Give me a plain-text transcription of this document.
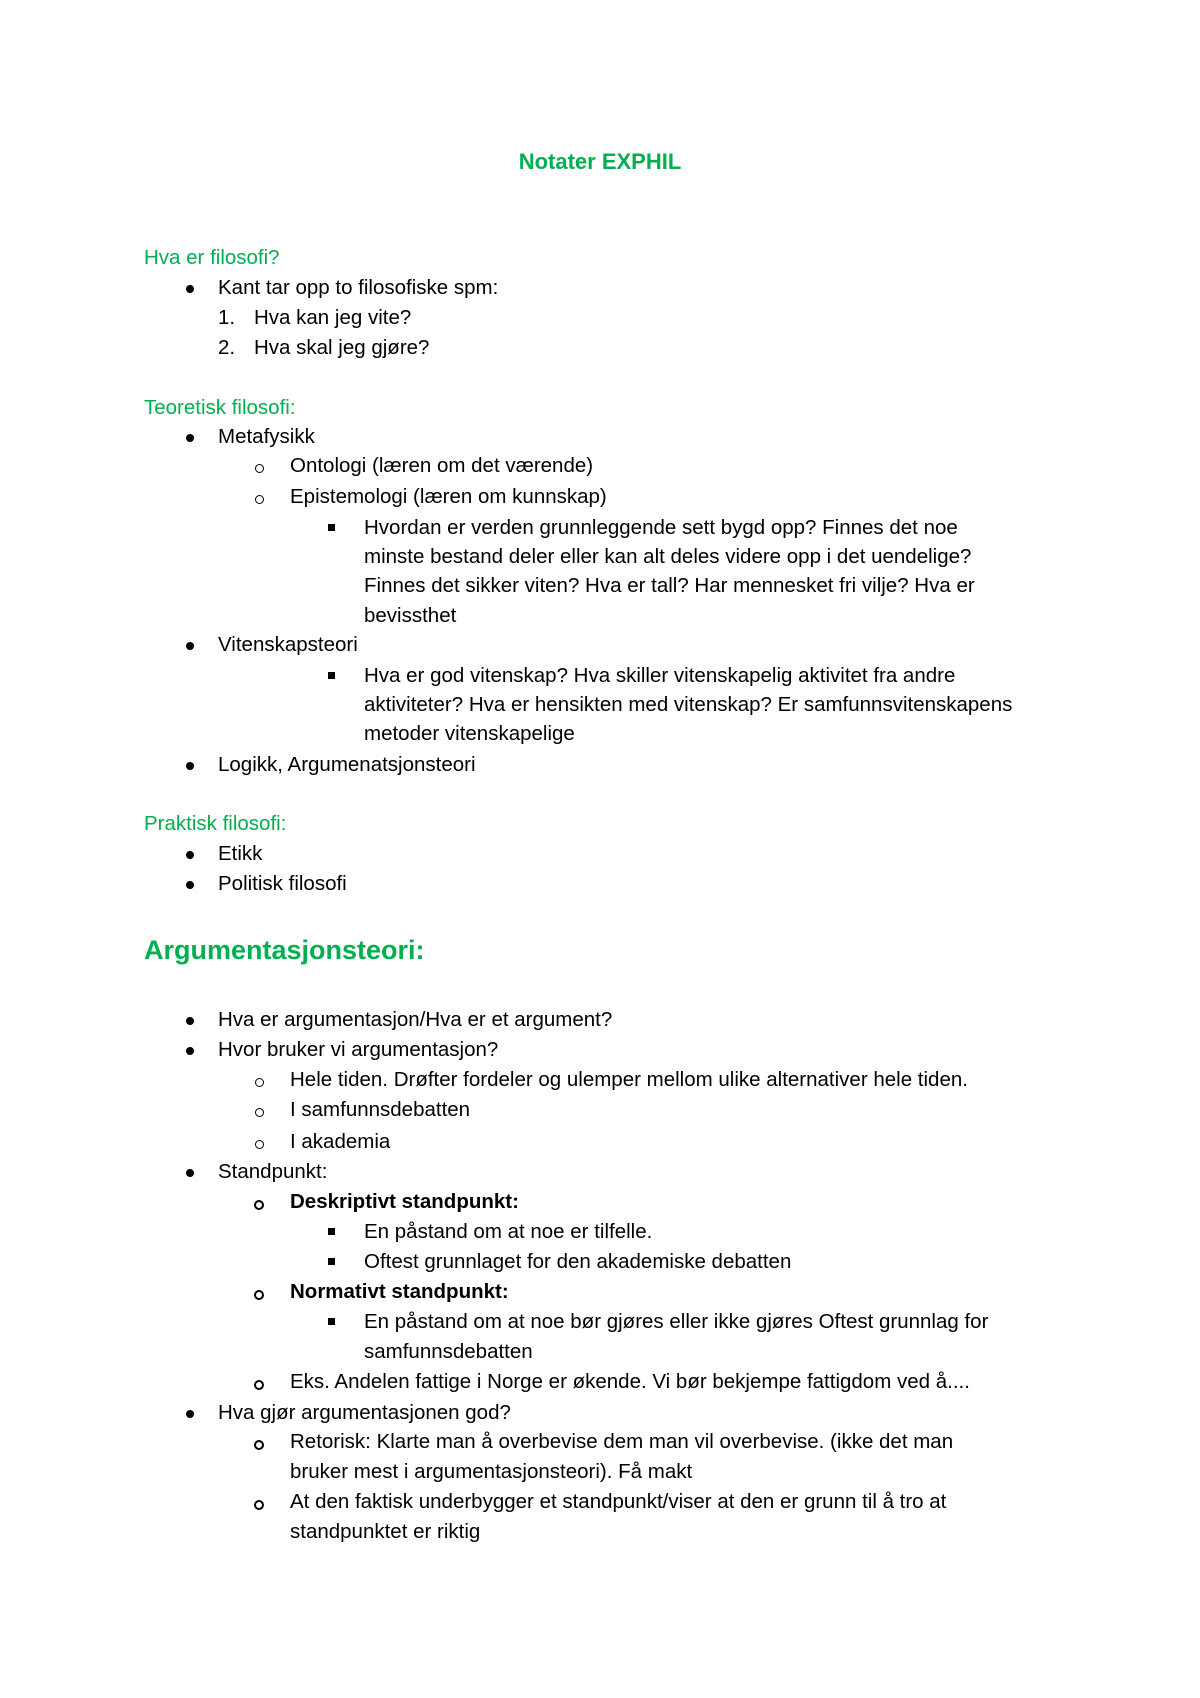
Notater EXPHIL
Hva er filosofi?
Kant tar opp to filosofiske spm:
1. Hva kan jeg vite?
2. Hva skal jeg gjøre?
Teoretisk filosofi:
Metafysikk
Ontologi (læren om det værende)
Epistemologi (læren om kunnskap)
Hvordan er verden grunnleggende sett bygd opp? Finnes det noe
minste bestand deler eller kan alt deles videre opp i det uendelige?
Finnes det sikker viten? Hva er tall? Har mennesket fri vilje? Hva er
bevissthet
Vitenskapsteori
Hva er god vitenskap? Hva skiller vitenskapelig aktivitet fra andre
aktiviteter? Hva er hensikten med vitenskap? Er samfunnsvitenskapens
metoder vitenskapelige
Logikk, Argumenatsjonsteori
Praktisk filosofi:
Etikk
Politisk filosofi
Argumentasjonsteori:
Hva er argumentasjon/Hva er et argument?
Hvor bruker vi argumentasjon?
Hele tiden. Drøfter fordeler og ulemper mellom ulike alternativer hele tiden.
I samfunnsdebatten
I akademia
Standpunkt:
Deskriptivt standpunkt:
En påstand om at noe er tilfelle.
Oftest grunnlaget for den akademiske debatten
Normativt standpunkt:
En påstand om at noe bør gjøres eller ikke gjøres Oftest grunnlag for
samfunnsdebatten
Eks. Andelen fattige i Norge er økende. Vi bør bekjempe fattigdom ved å....
Hva gjør argumentasjonen god?
Retorisk: Klarte man å overbevise dem man vil overbevise. (ikke det man
bruker mest i argumentasjonsteori). Få makt
At den faktisk underbygger et standpunkt/viser at den er grunn til å tro at
standpunktet er riktig
